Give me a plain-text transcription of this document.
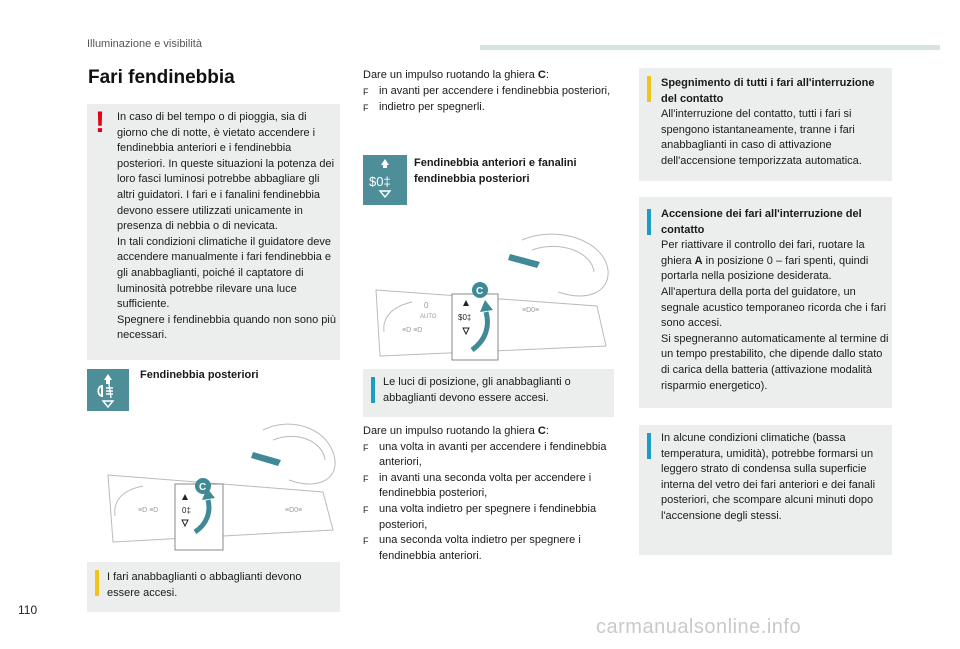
Illuminazione e visibilità
Fari fendinebbia
! In caso di bel tempo o di pioggia, sia di giorno che di notte, è vietato accendere i fendinebbia anteriori e i fendinebbia posteriori. In queste situazioni la potenza dei loro fasci luminosi potrebbe abbagliare gli altri guidatori. I fari e i fanalini fendinebbia devono essere utilizzati unicamente in presenza di nebbia o di nevicata.

In tali condizioni climatiche il guidatore deve accendere manualmente i fari fendinebbia e gli anabbaglianti, poiché il captatore di luminosità potrebbe rilevare una luce sufficiente.

Spegnere i fendinebbia quando non sono più necessari.

Fendinebbia posteriori
≡D ≡D	≡D0≡
0‡
C
I fari anabbaglianti o abbaglianti devono essere accesi.
Dare un impulso ruotando la ghiera C:
F in avanti per accendere i fendinebbia posteriori,
F indietro per spegnerli.
$0‡
Fendinebbia anteriori e fanalini fendinebbia posteriori
0
AUTO
≡D ≡D
≡D0≡
$0‡
C
Le luci di posizione, gli anabbaglianti o abbaglianti devono essere accesi.
Dare un impulso ruotando la ghiera C:
F una volta in avanti per accendere i fendinebbia anteriori,
F in avanti una seconda volta per accendere i fendinebbia posteriori,
F una volta indietro per spegnere i fendinebbia posteriori,
F una seconda volta indietro per spegnere i fendinebbia anteriori.
Spegnimento di tutti i fari all'interruzione del contatto
All'interruzione del contatto, tutti i fari si spengono istantaneamente, tranne i fari anabbaglianti in caso di attivazione dell'accensione temporizzata automatica.
Accensione dei fari all'interruzione del contatto
Per riattivare il controllo dei fari, ruotare la ghiera A in posizione 0 – fari spenti, quindi portarla nella posizione desiderata.
All'apertura della porta del guidatore, un segnale acustico temporaneo ricorda che i fari sono accesi.
Si spegneranno automaticamente al termine di un tempo prestabilito, che dipende dallo stato di carica della batteria (attivazione modalità risparmio energetico).
In alcune condizioni climatiche (bassa temperatura, umidità), potrebbe formarsi un leggero strato di condensa sulla superficie interna del vetro dei fari anteriori e dei fanali posteriori, che scompare alcuni minuti dopo l'accensione degli stessi.
110
carmanualsonline.info
